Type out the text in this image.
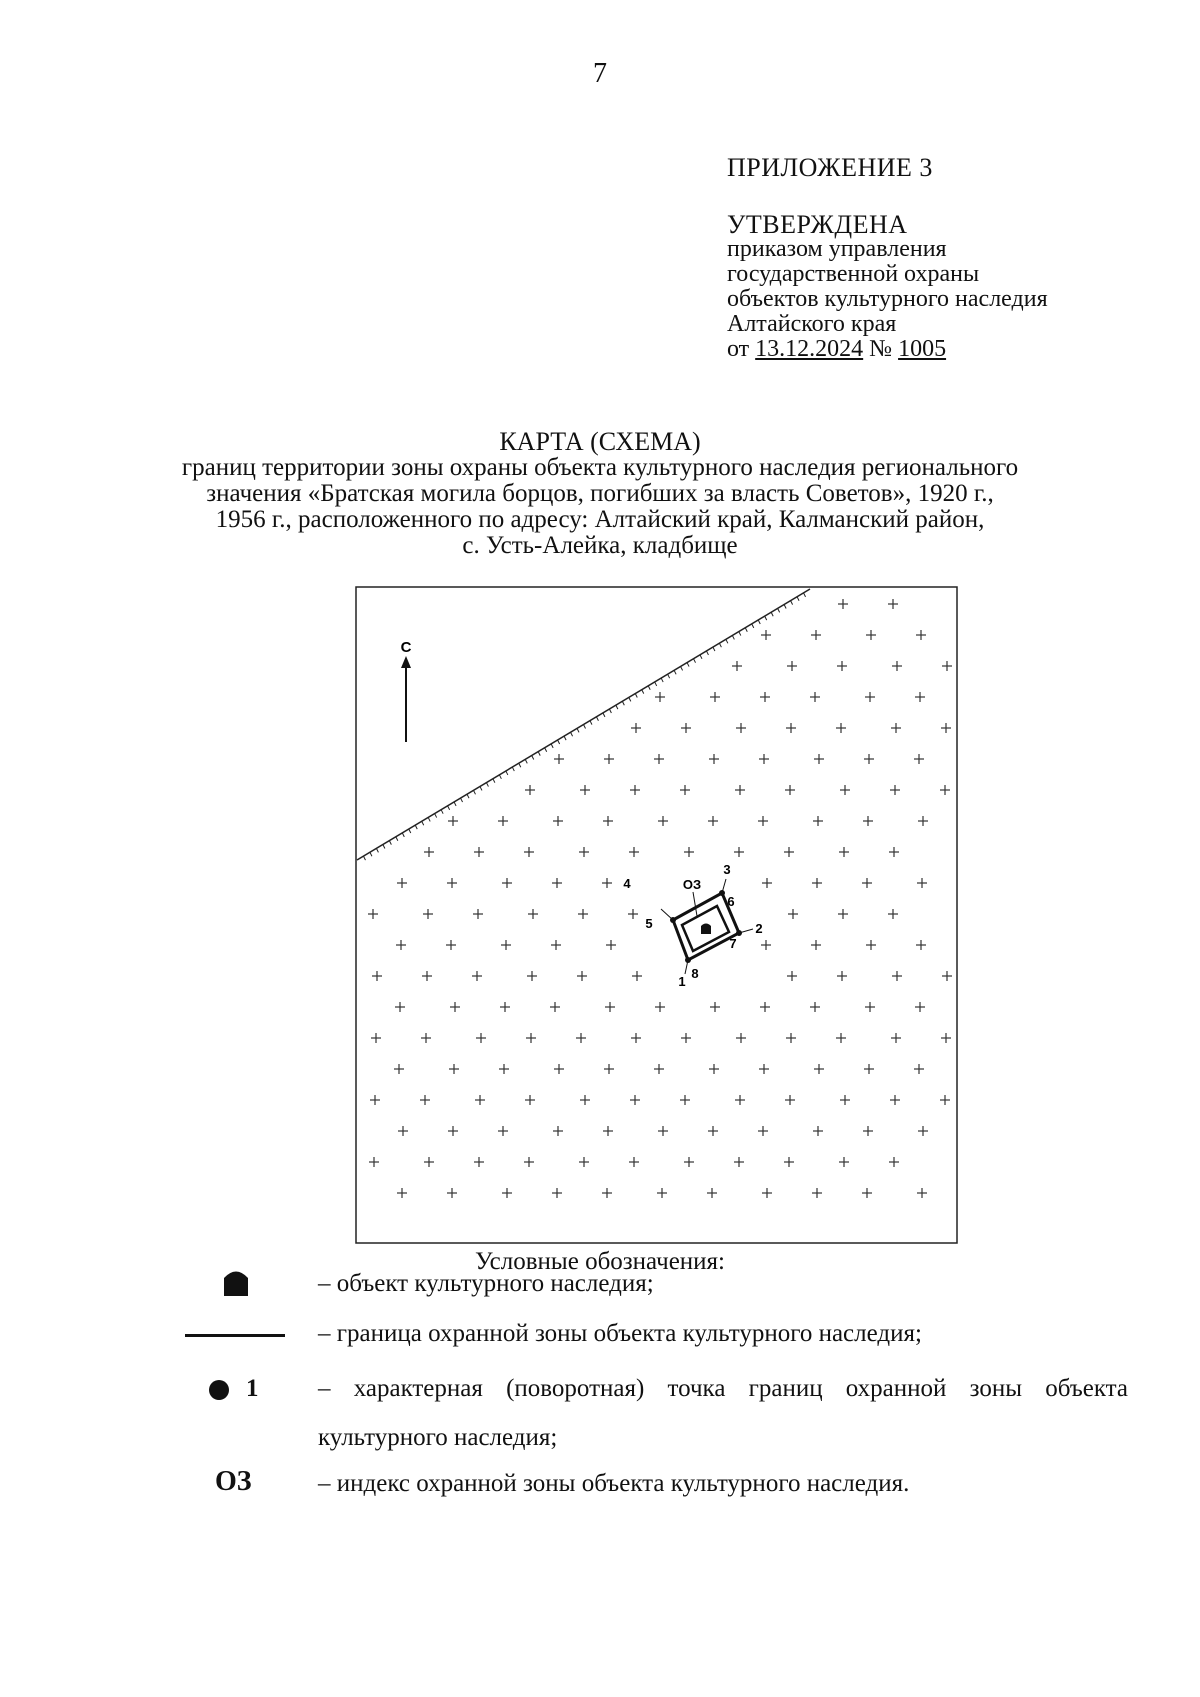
7
ПРИЛОЖЕНИЕ 3
УТВЕРЖДЕНА
приказом управления
государственной охраны
объектов культурного наследия
Алтайского края
от 13.12.2024 № 1005
КАРТА (СХЕМА)
границ территории зоны охраны объекта культурного наследия регионального
значения «Братская могила борцов, погибших за власть Советов», 1920 г.,
1956 г., расположенного по адресу: Алтайский край, Калманский район,
с. Усть-Алейка, кладбище
С
ОЗ
1
2
3
4
5
6
7
8
Условные обозначения:
– объект культурного наследия;
– граница охранной зоны объекта культурного наследия;
1 – характерная (поворотная) точка границ охранной зоны объекта
культурного наследия;
ОЗ	– индекс охранной зоны объекта культурного наследия.
